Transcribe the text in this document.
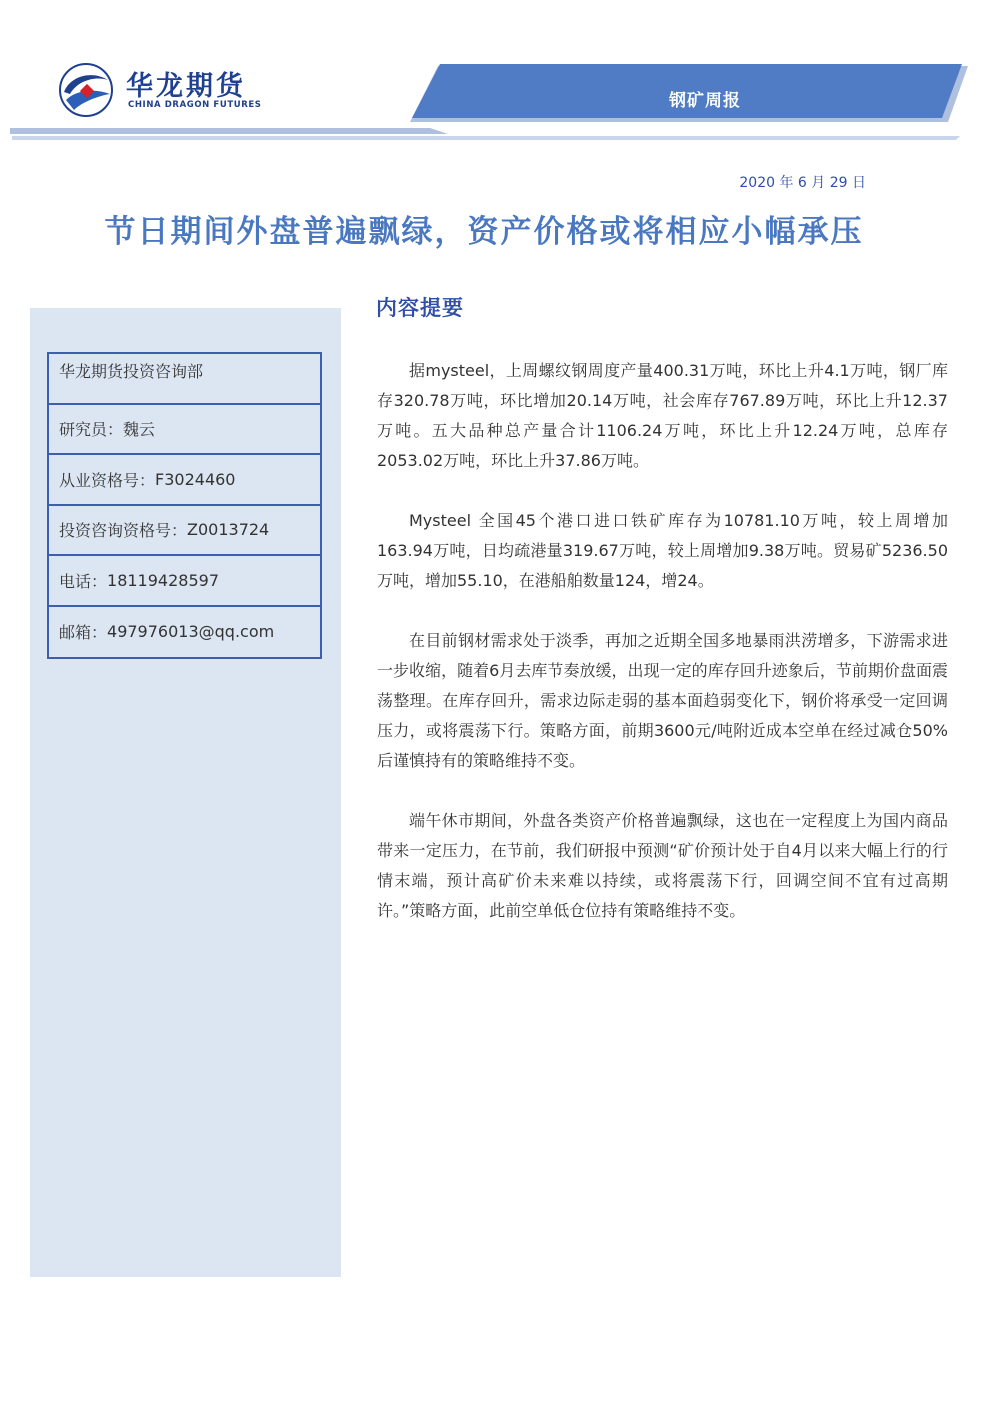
华龙期货
CHINA DRAGON FUTURES	钢矿周报
2020 年 6 月 29 日
节日期间外盘普遍飘绿，资产价格或将相应小幅承压
华龙期货投资咨询部
研究员： 魏云
从业资格号： F3024460
投资咨询资格号： Z0013724
电话： 18119428597
邮箱： 497976013@qq.com
内容提要

据mysteel，上周螺纹钢周度产量400.31万吨，环比上升4.1万吨，钢厂库存320.78万吨，环比增加20.14万吨，社会库存767.89万吨，环比上升12.37万吨。五大品种总产量合计1106.24万吨，环比上升12.24万吨，总库存2053.02万吨，环比上升37.86万吨。

Mysteel 全国45个港口进口铁矿库存为10781.10万吨，较上周增加163.94万吨，日均疏港量319.67万吨，较上周增加9.38万吨。贸易矿5236.50万吨，增加55.10，在港船舶数量124，增24。

在目前钢材需求处于淡季，再加之近期全国多地暴雨洪涝增多，下游需求进一步收缩，随着6月去库节奏放缓，出现一定的库存回升迹象后，节前期价盘面震荡整理。在库存回升，需求边际走弱的基本面趋弱变化下，钢价将承受一定回调压力，或将震荡下行。策略方面，前期3600元/吨附近成本空单在经过减仓50%后谨慎持有的策略维持不变。

端午休市期间，外盘各类资产价格普遍飘绿，这也在一定程度上为国内商品带来一定压力，在节前，我们研报中预测“矿价预计处于自4月以来大幅上行的行情末端，预计高矿价未来难以持续，或将震荡下行，回调空间不宜有过高期许。”策略方面，此前空单低仓位持有策略维持不变。
